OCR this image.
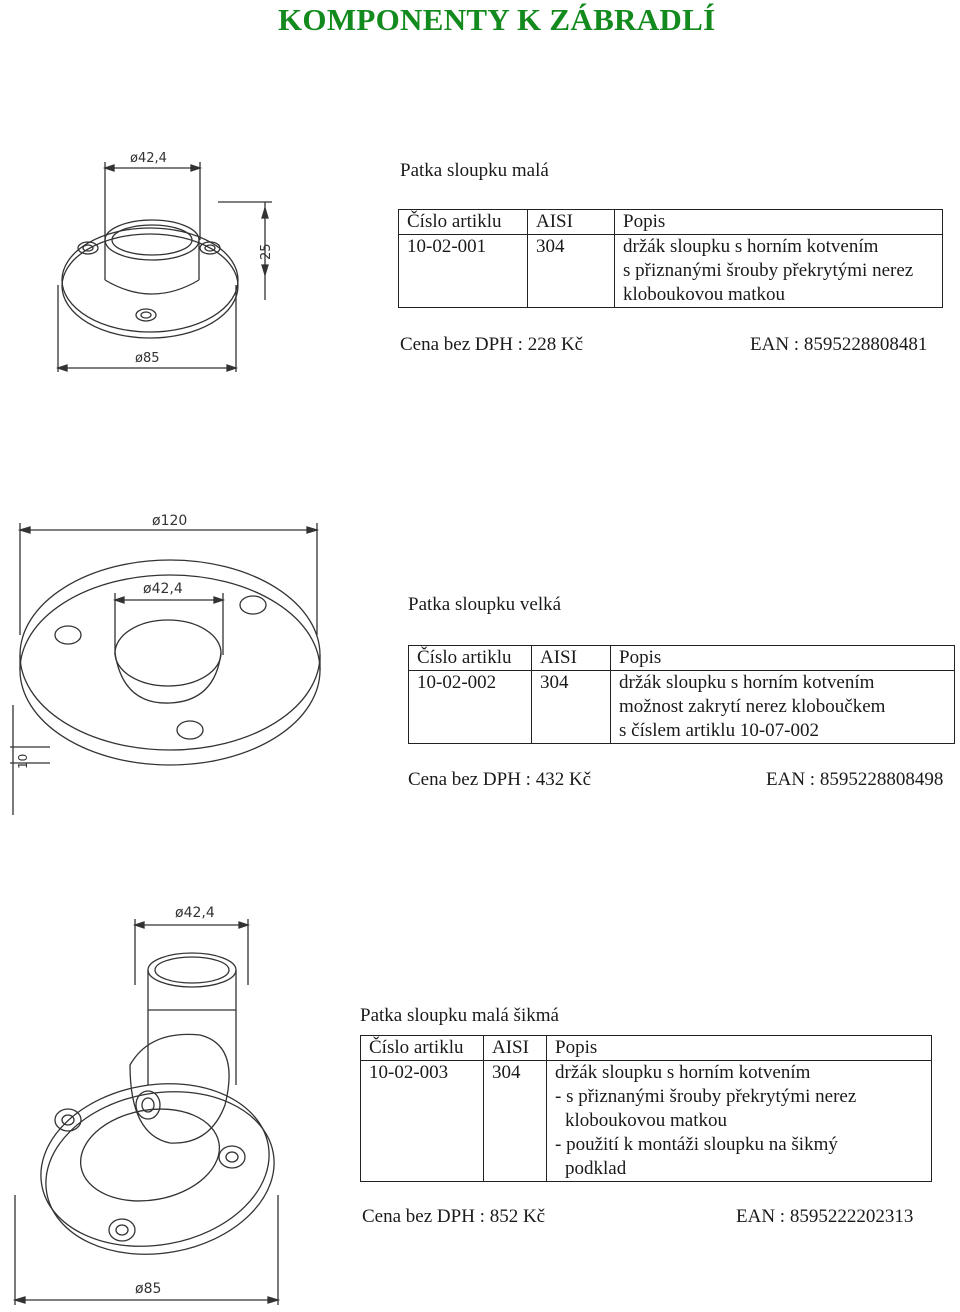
KOMPONENTY K ZÁBRADLÍ
ø42,4
ø85
25
Patka sloupku malá
Číslo artiklu	AISI	Popis
10-02-001	304	držák sloupku s horním kotvením
		s přiznanými šrouby překrytými nerez
		kloboukovou matkou
Cena bez DPH : 228 Kč	EAN : 8595228808481
ø120
ø42,4
10
Patka sloupku velká
Číslo artiklu	AISI	Popis
10-02-002	304	držák sloupku s horním kotvením
		možnost zakrytí nerez kloboučkem
		s číslem artiklu 10-07-002
Cena bez DPH : 432 Kč	EAN : 8595228808498
ø42,4
ø85
Patka sloupku malá šikmá
Číslo artiklu	AISI	Popis
10-02-003	304	držák sloupku s horním kotvením
		- s přiznanými šrouby překrytými nerez
		kloboukovou matkou
		- použití k montáži sloupku na šikmý
		podklad
Cena bez DPH : 852 Kč	EAN : 8595222202313
